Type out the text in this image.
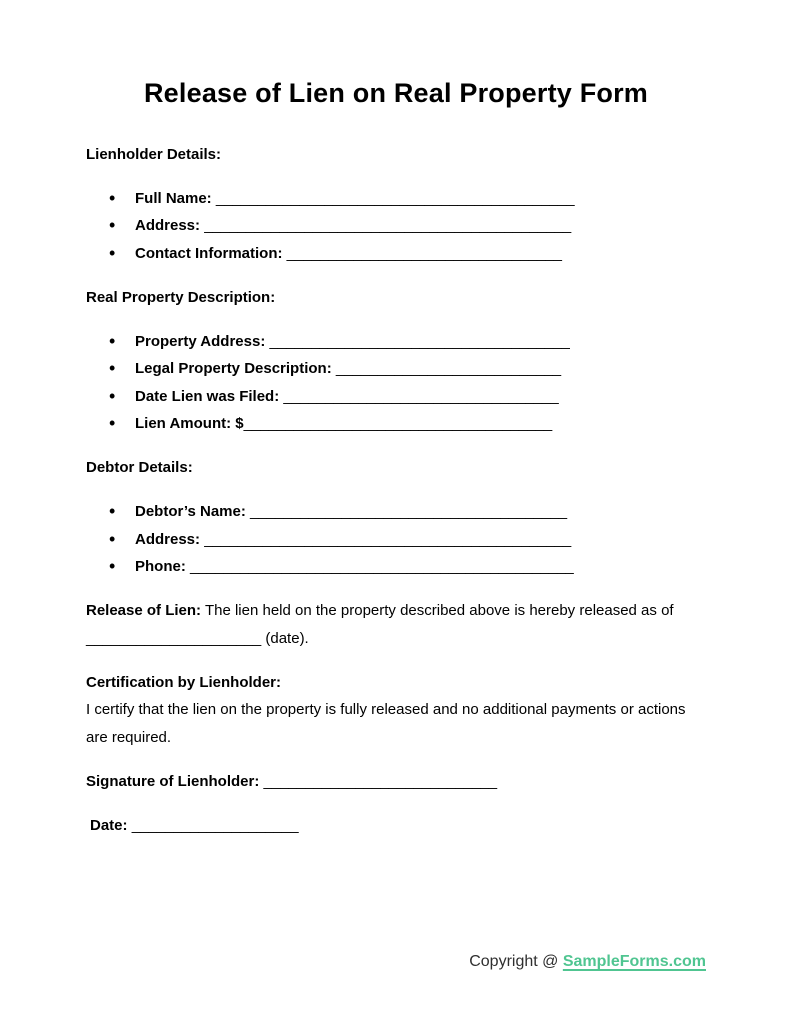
Release of Lien on Real Property Form

Lienholder Details:

• Full Name: ___________________________________________
• Address: ____________________________________________
• Contact Information: _________________________________

Real Property Description:

• Property Address: ____________________________________
• Legal Property Description: ___________________________
• Date Lien was Filed: _________________________________
• Lien Amount: $_____________________________________

Debtor Details:

• Debtor’s Name: ______________________________________
• Address: ____________________________________________
• Phone: ______________________________________________

Release of Lien: The lien held on the property described above is hereby released as of _____________________ (date).

Certification by Lienholder:
I certify that the lien on the property is fully released and no additional payments or actions are required.

Signature of Lienholder: ____________________________

Date: ____________________

Copyright @ SampleForms.com
